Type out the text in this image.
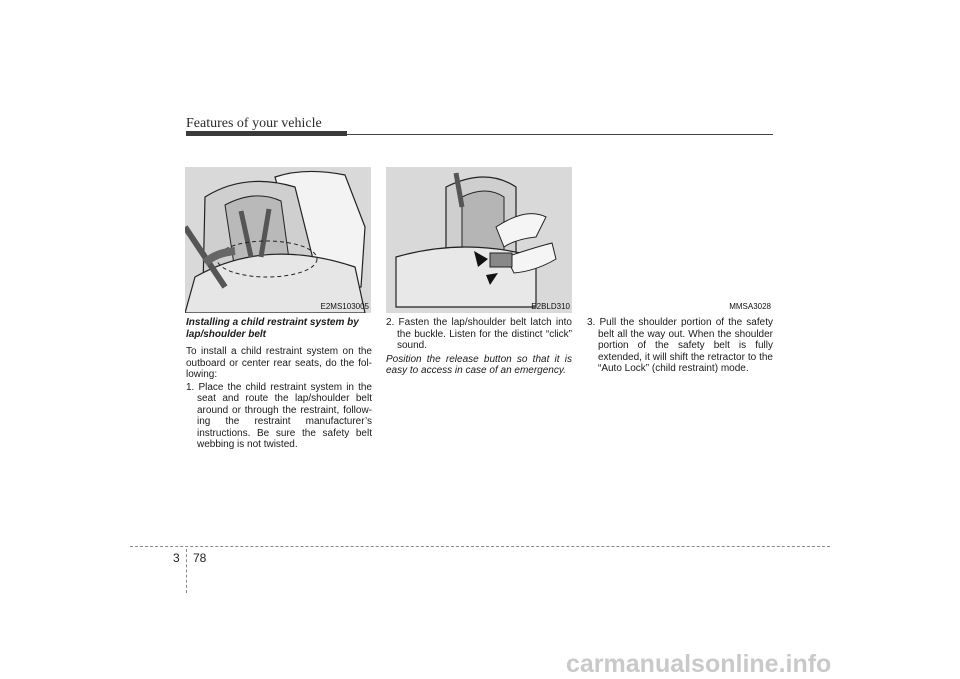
Features of your vehicle
E2MS103005	E2BLD310	MMSA3028

Installing a child restraint system by lap/shoulder belt

To install a child restraint system on the outboard or center rear seats, do the fol- lowing:

1. Place the child restraint system in the seat and route the lap/shoulder belt around or through the restraint, follow- ing the restraint manufacturer’s instructions. Be sure the safety belt webbing is not twisted.

2. Fasten the lap/shoulder belt latch into the buckle. Listen for the distinct “click” sound.

Position the release button so that it is easy to access in case of an emergency.

3. Pull the shoulder portion of the safety belt all the way out. When the shoulder portion of the safety belt is fully extended, it will shift the retractor to the “Auto Lock” (child restraint) mode.

3 78
carmanualsonline.info
